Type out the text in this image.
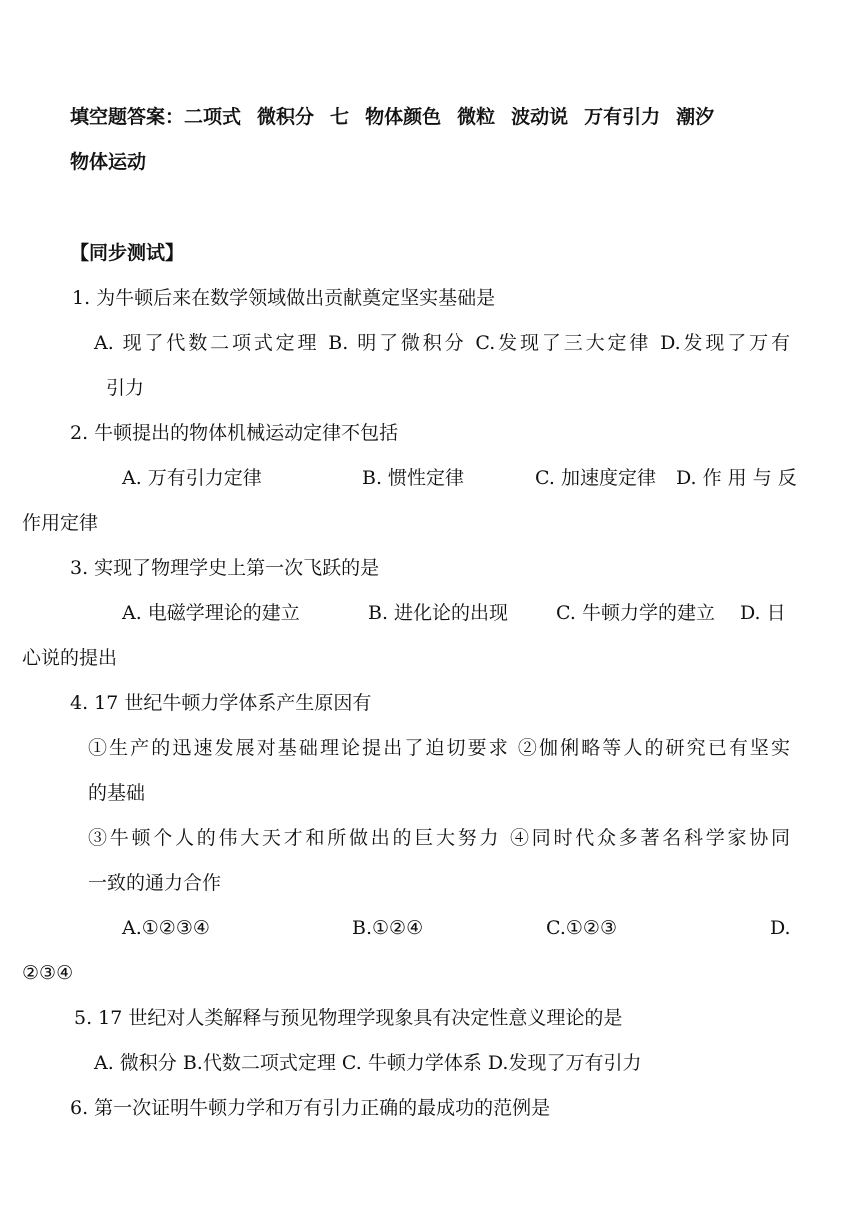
填空题答案：二项式 微积分 七 物体颜色 微粒 波动说 万有引力 潮汐
物体运动
【同步测试】
1. 为牛顿后来在数学领域做出贡献奠定坚实基础是
A. 现了代数二项式定理 B. 明了微积分 C.发现了三大定律 D.发现了万有
引力
2. 牛顿提出的物体机械运动定律不包括
A. 万有引力定律	B. 惯性定律	C. 加速度定律 D. 作 用 与 反
作用定律
3. 实现了物理学史上第一次飞跃的是
A. 电磁学理论的建立	B. 进化论的出现	C. 牛顿力学的建立 D. 日
心说的提出
4. 17 世纪牛顿力学体系产生原因有
①生产的迅速发展对基础理论提出了迫切要求 ②伽俐略等人的研究已有坚实
的基础
③牛顿个人的伟大天才和所做出的巨大努力 ④同时代众多著名科学家协同
一致的通力合作
A.①②③④	B.①②④	C.①②③	D.
②③④
5. 17 世纪对人类解释与预见物理学现象具有决定性意义理论的是
A. 微积分 B.代数二项式定理 C. 牛顿力学体系 D.发现了万有引力
6. 第一次证明牛顿力学和万有引力正确的最成功的范例是
